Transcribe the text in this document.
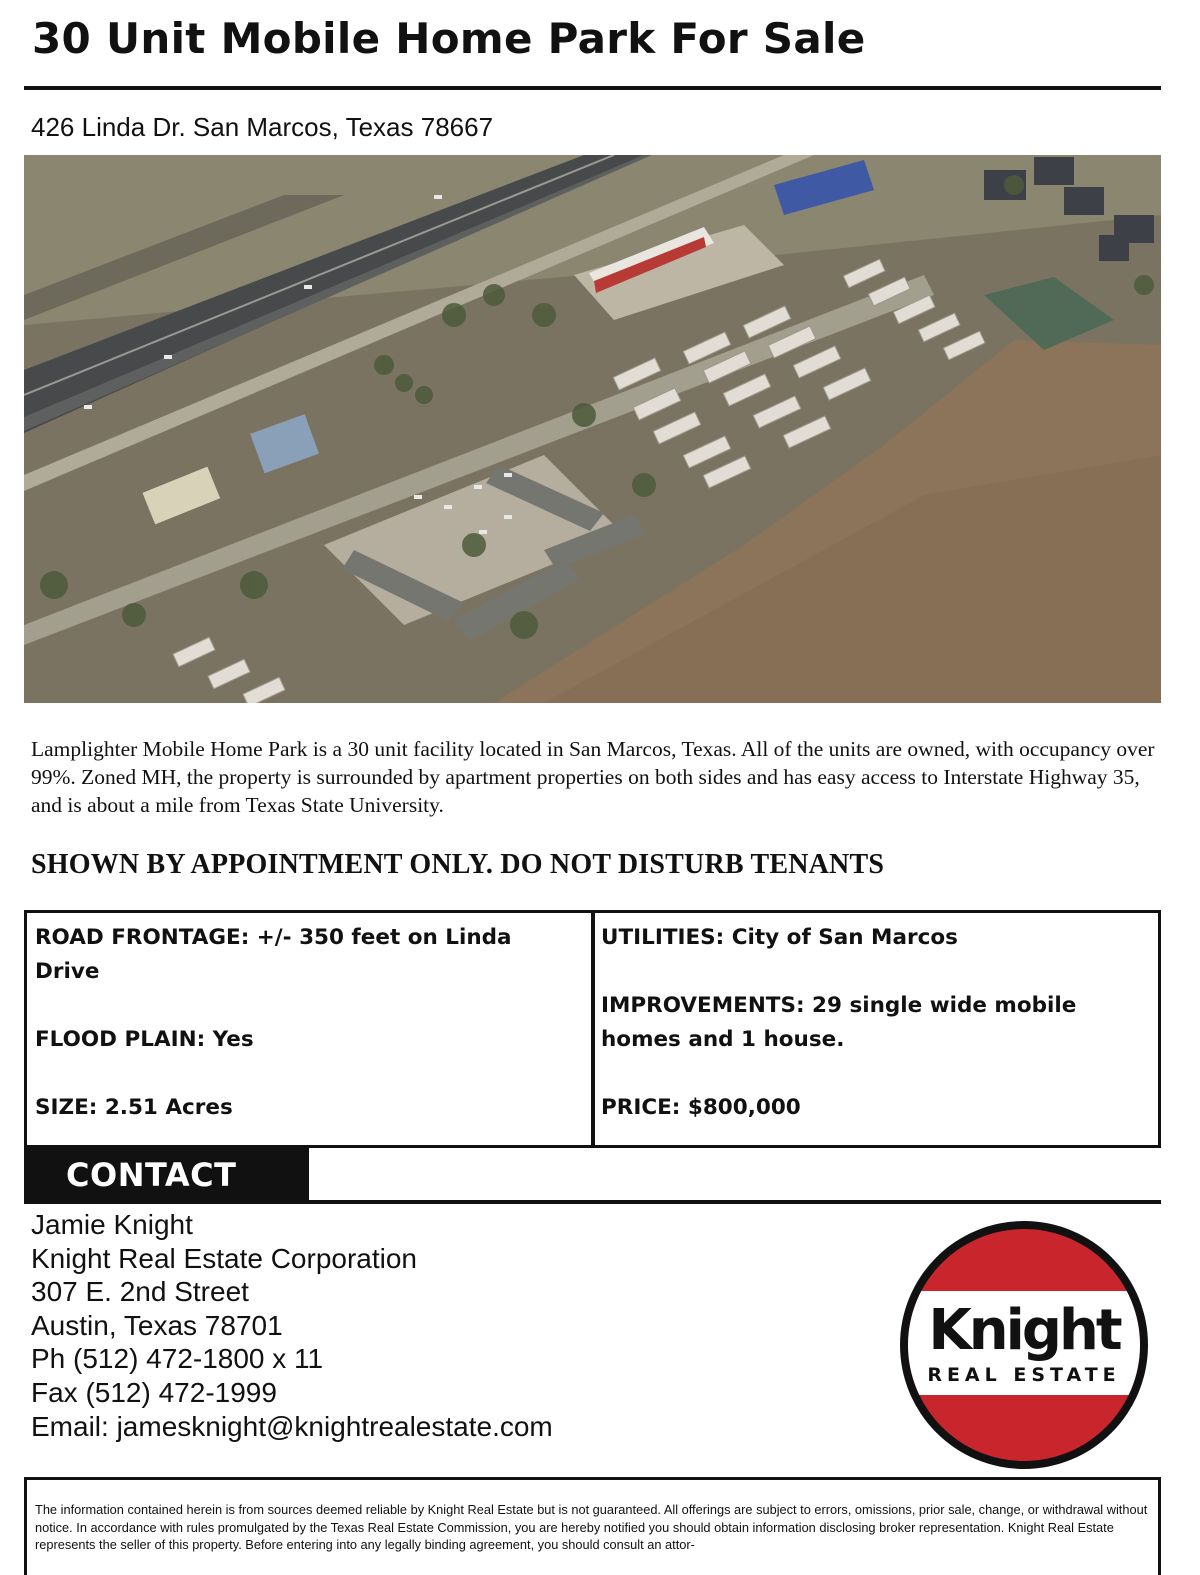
30 Unit Mobile Home Park For Sale
426 Linda Dr. San Marcos, Texas 78667

Lamplighter Mobile Home Park is a 30 unit facility located in San Marcos, Texas. All of the units are owned, with occupancy over 99%. Zoned MH, the property is surrounded by apartment properties on both sides and has easy access to Interstate Highway 35, and is about a mile from Texas State University.

SHOWN BY APPOINTMENT ONLY. DO NOT DISTURB TENANTS

ROAD FRONTAGE: +/- 350 feet on Linda Drive

FLOOD PLAIN: Yes

SIZE: 2.51 Acres

UTILITIES: City of San Marcos

IMPROVEMENTS: 29 single wide mobile homes and 1 house.

PRICE: $800,000

CONTACT
Jamie Knight
Knight Real Estate Corporation
307 E. 2nd Street
Austin, Texas 78701
Ph (512) 472-1800 x 11
Fax (512) 472-1999
Email: jamesknight@knightrealestate.com
Knight
REAL ESTATE
The information contained herein is from sources deemed reliable by Knight Real Estate but is not guaranteed. All offerings are subject to errors, omissions, prior sale, change, or withdrawal without notice. In accordance with rules promulgated by the Texas Real Estate Commission, you are hereby notified you should obtain information disclosing broker representation. Knight Real Estate represents the seller of this property. Before entering into any legally binding agreement, you should consult an attor-
